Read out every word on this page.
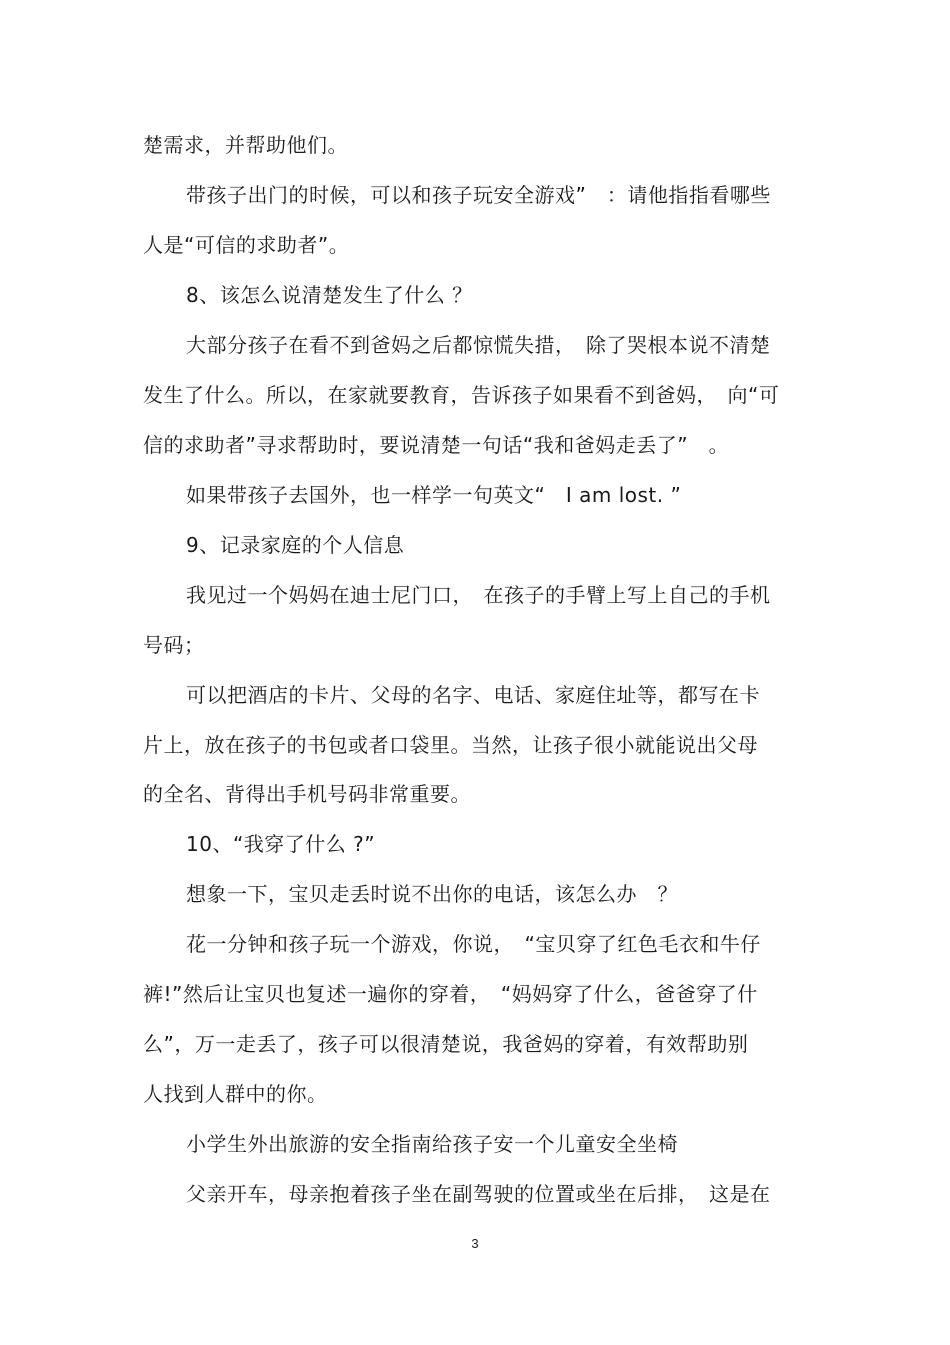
楚需求，并帮助他们。
带孩子出门的时候，可以和孩子玩安全游戏”　：请他指指看哪些
人是“可信的求助者”。
8、该怎么说清楚发生了什么 ？
大部分孩子在看不到爸妈之后都惊慌失措，　除了哭根本说不清楚
发生了什么。所以，在家就要教育，告诉孩子如果看不到爸妈，　向“可
信的求助者”寻求帮助时，要说清楚一句话“我和爸妈走丢了”　。
如果带孩子去国外，也一样学一句英文“　I am lost. ”
9、记录家庭的个人信息
我见过一个妈妈在迪士尼门口，　在孩子的手臂上写上自己的手机
号码；
可以把酒店的卡片、父母的名字、电话、家庭住址等，都写在卡
片上，放在孩子的书包或者口袋里。当然，让孩子很小就能说出父母
的全名、背得出手机号码非常重要。
10、“我穿了什么 ?”
想象一下，宝贝走丢时说不出你的电话，该怎么办　？
花一分钟和孩子玩一个游戏，你说，　“宝贝穿了红色毛衣和牛仔
裤!”然后让宝贝也复述一遍你的穿着，　“妈妈穿了什么，爸爸穿了什
么”，万一走丢了，孩子可以很清楚说，我爸妈的穿着，有效帮助别
人找到人群中的你。
小学生外出旅游的安全指南给孩子安一个儿童安全坐椅
父亲开车，母亲抱着孩子坐在副驾驶的位置或坐在后排，　这是在
3
